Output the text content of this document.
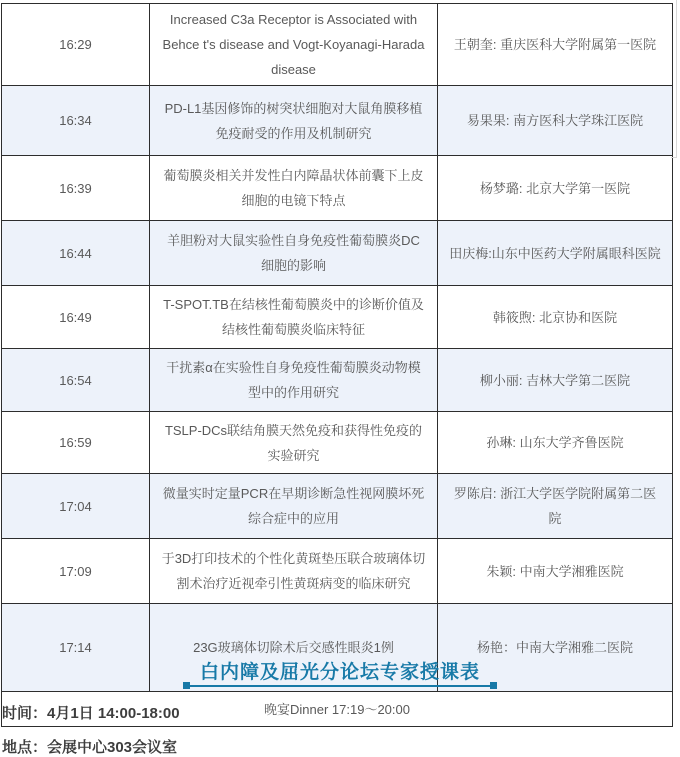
16:29	Increased C3a Receptor is Associated with Behce t's disease and Vogt-Koyanagi-Harada disease	王朝奎: 重庆医科大学附属第一医院
16:34	PD-L1基因修饰的树突状细胞对大鼠角膜移植免疫耐受的作用及机制研究	易果果: 南方医科大学珠江医院
16:39	葡萄膜炎相关并发性白内障晶状体前囊下上皮细胞的电镜下特点	杨梦璐: 北京大学第一医院
16:44	羊胆粉对大鼠实验性自身免疫性葡萄膜炎DC 细胞的影响	田庆梅:山东中医药大学附属眼科医院
16:49	T-SPOT.TB在结核性葡萄膜炎中的诊断价值及结核性葡萄膜炎临床特征	韩筱煦: 北京协和医院
16:54	干扰素α在实验性自身免疫性葡萄膜炎动物模型中的作用研究	柳小丽: 吉林大学第二医院
16:59	TSLP-DCs联结角膜天然免疫和获得性免疫的实验研究	孙琳: 山东大学齐鲁医院
17:04	微量实时定量PCR在早期诊断急性视网膜坏死综合症中的应用	罗陈启: 浙江大学医学院附属第二医院
17:09	于3D打印技术的个性化黄斑垫压联合玻璃体切割术治疗近视牵引性黄斑病变的临床研究	朱颖: 中南大学湘雅医院
17:14	23G玻璃体切除术后交感性眼炎1例	杨艳：中南大学湘雅二医院
晚宴Dinner 17:19～20:00		
白内障及屈光分论坛专家授课表
时间：4月1日 14:00-18:00
地点：会展中心303会议室
